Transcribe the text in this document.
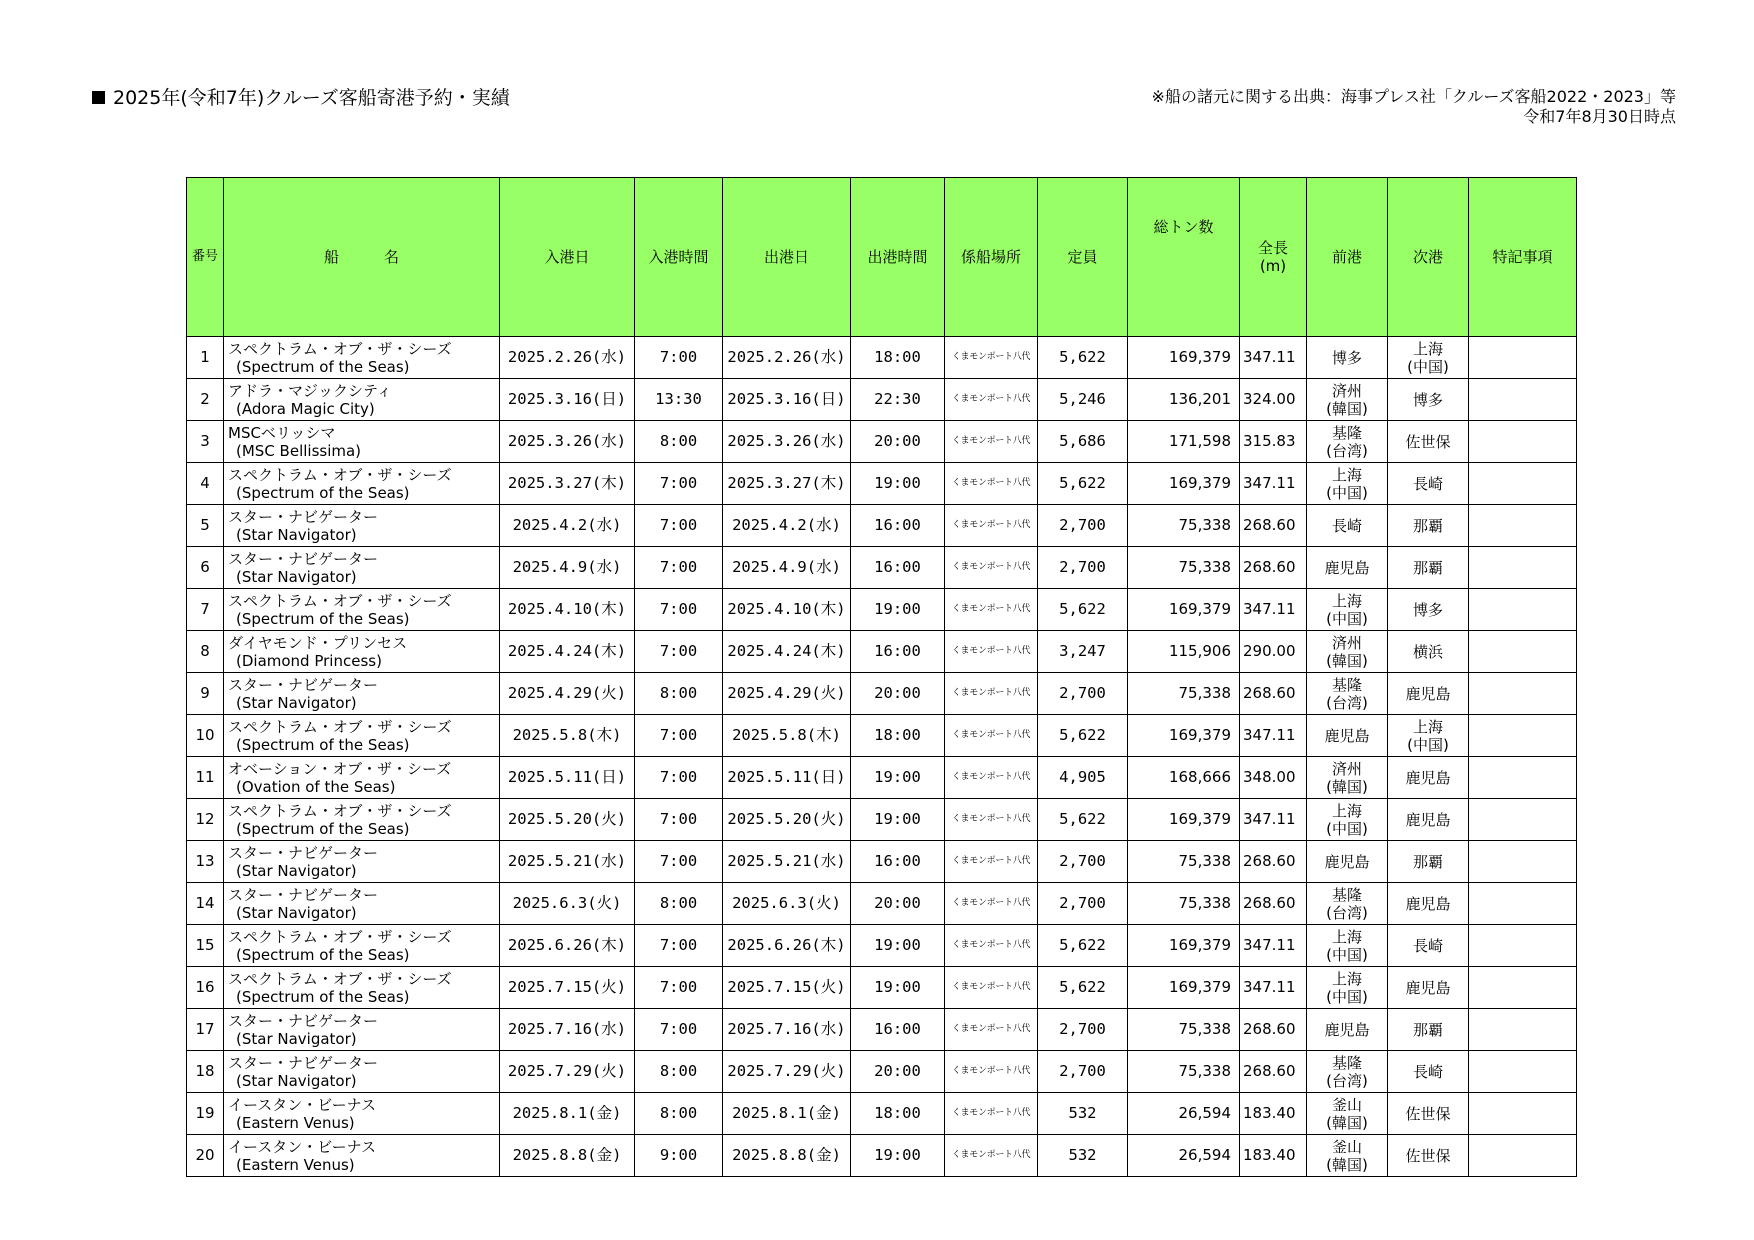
2025年(令和7年)クルーズ客船寄港予約・実績	※船の諸元に関する出典：海事プレス社「クルーズ客船2022・2023」等
令和7年8月30日時点
番号	船　　　名	入港日	入港時間	出港日	出港時間	係船場所	定員	総トン数	全長
(m)	前港	次港	特記事項
1	スペクトラム・オブ・ザ・シーズ
(Spectrum of the Seas)	2025.2.26(水)	7:00	2025.2.26(水)	18:00	くまモンポート八代	5,622	169,379	347.11	博多	上海
(中国)	
2	アドラ・マジックシティ
(Adora Magic City)	2025.3.16(日)	13:30	2025.3.16(日)	22:30	くまモンポート八代	5,246	136,201	324.00	済州
(韓国)	博多	
3	MSCベリッシマ
(MSC Bellissima)	2025.3.26(水)	8:00	2025.3.26(水)	20:00	くまモンポート八代	5,686	171,598	315.83	基隆
(台湾)	佐世保	
4	スペクトラム・オブ・ザ・シーズ
(Spectrum of the Seas)	2025.3.27(木)	7:00	2025.3.27(木)	19:00	くまモンポート八代	5,622	169,379	347.11	上海
(中国)	長崎	
5	スター・ナビゲーター
(Star Navigator)	2025.4.2(水)	7:00	2025.4.2(水)	16:00	くまモンポート八代	2,700	75,338	268.60	長崎	那覇	
6	スター・ナビゲーター
(Star Navigator)	2025.4.9(水)	7:00	2025.4.9(水)	16:00	くまモンポート八代	2,700	75,338	268.60	鹿児島	那覇	
7	スペクトラム・オブ・ザ・シーズ
(Spectrum of the Seas)	2025.4.10(木)	7:00	2025.4.10(木)	19:00	くまモンポート八代	5,622	169,379	347.11	上海
(中国)	博多	
8	ダイヤモンド・プリンセス
(Diamond Princess)	2025.4.24(木)	7:00	2025.4.24(木)	16:00	くまモンポート八代	3,247	115,906	290.00	済州
(韓国)	横浜	
9	スター・ナビゲーター
(Star Navigator)	2025.4.29(火)	8:00	2025.4.29(火)	20:00	くまモンポート八代	2,700	75,338	268.60	基隆
(台湾)	鹿児島	
10	スペクトラム・オブ・ザ・シーズ
(Spectrum of the Seas)	2025.5.8(木)	7:00	2025.5.8(木)	18:00	くまモンポート八代	5,622	169,379	347.11	鹿児島	上海
(中国)	
11	オベーション・オブ・ザ・シーズ
(Ovation of the Seas)	2025.5.11(日)	7:00	2025.5.11(日)	19:00	くまモンポート八代	4,905	168,666	348.00	済州
(韓国)	鹿児島	
12	スペクトラム・オブ・ザ・シーズ
(Spectrum of the Seas)	2025.5.20(火)	7:00	2025.5.20(火)	19:00	くまモンポート八代	5,622	169,379	347.11	上海
(中国)	鹿児島	
13	スター・ナビゲーター
(Star Navigator)	2025.5.21(水)	7:00	2025.5.21(水)	16:00	くまモンポート八代	2,700	75,338	268.60	鹿児島	那覇	
14	スター・ナビゲーター
(Star Navigator)	2025.6.3(火)	8:00	2025.6.3(火)	20:00	くまモンポート八代	2,700	75,338	268.60	基隆
(台湾)	鹿児島	
15	スペクトラム・オブ・ザ・シーズ
(Spectrum of the Seas)	2025.6.26(木)	7:00	2025.6.26(木)	19:00	くまモンポート八代	5,622	169,379	347.11	上海
(中国)	長崎	
16	スペクトラム・オブ・ザ・シーズ
(Spectrum of the Seas)	2025.7.15(火)	7:00	2025.7.15(火)	19:00	くまモンポート八代	5,622	169,379	347.11	上海
(中国)	鹿児島	
17	スター・ナビゲーター
(Star Navigator)	2025.7.16(水)	7:00	2025.7.16(水)	16:00	くまモンポート八代	2,700	75,338	268.60	鹿児島	那覇	
18	スター・ナビゲーター
(Star Navigator)	2025.7.29(火)	8:00	2025.7.29(火)	20:00	くまモンポート八代	2,700	75,338	268.60	基隆
(台湾)	長崎	
19	イースタン・ビーナス
(Eastern Venus)	2025.8.1(金)	8:00	2025.8.1(金)	18:00	くまモンポート八代	532	26,594	183.40	釜山
(韓国)	佐世保	
20	イースタン・ビーナス
(Eastern Venus)	2025.8.8(金)	9:00	2025.8.8(金)	19:00	くまモンポート八代	532	26,594	183.40	釜山
(韓国)	佐世保	
